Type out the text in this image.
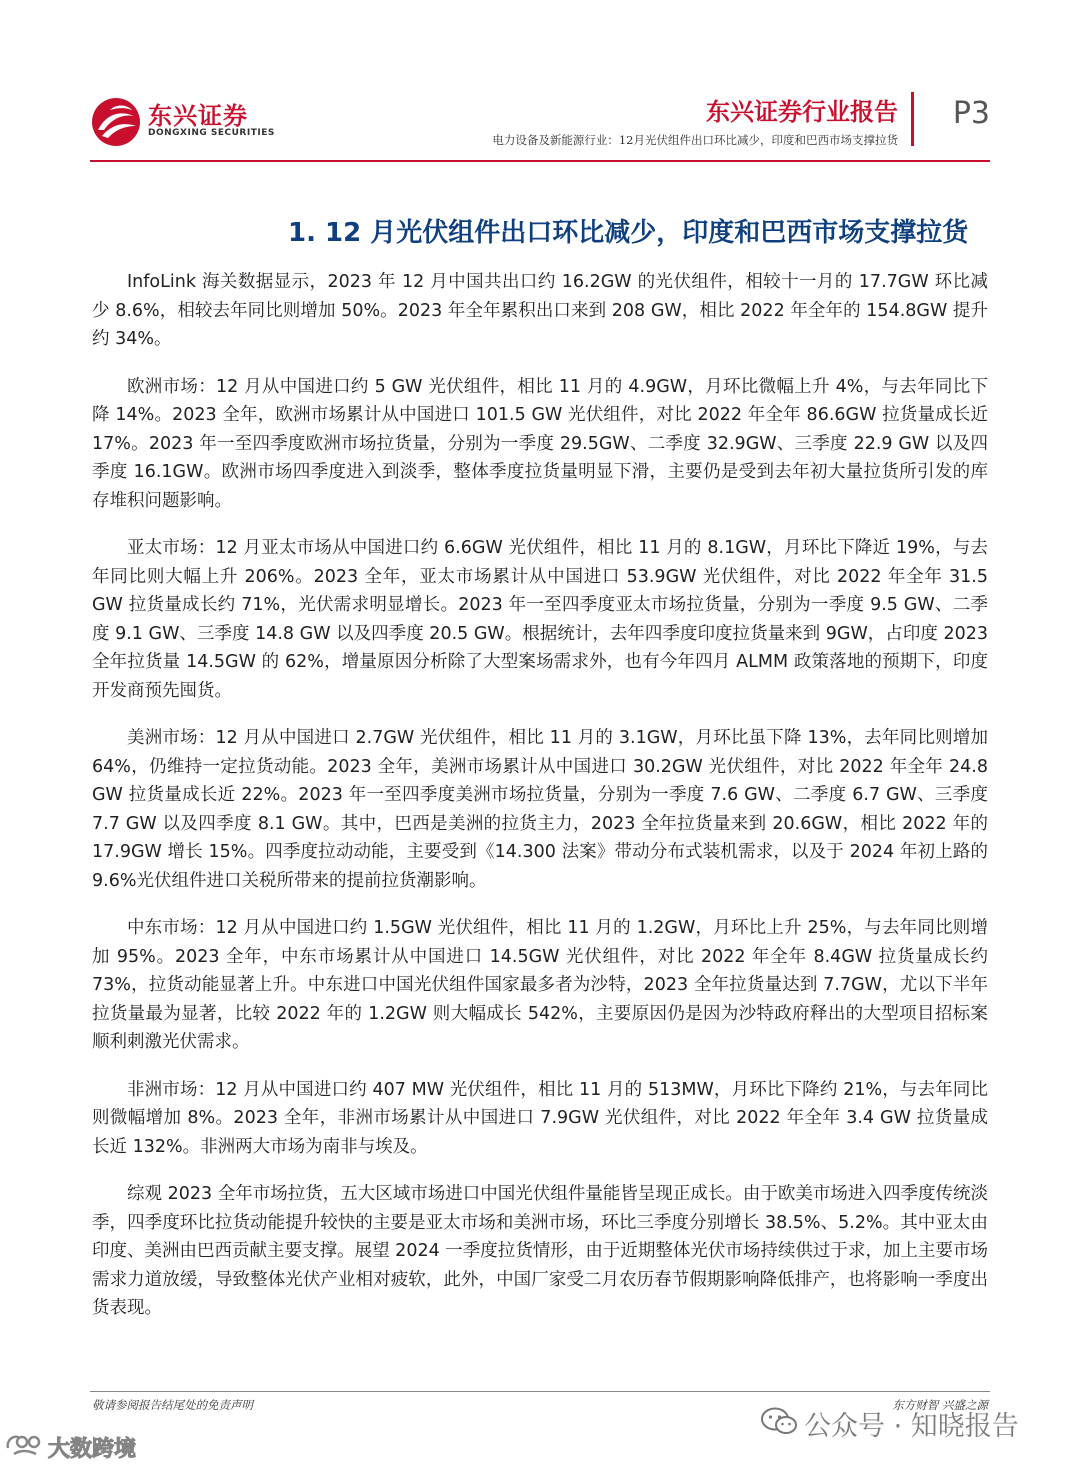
东兴证券
DONGXING SECURITIES
东兴证券行业报告
电力设备及新能源行业：12月光伏组件出口环比减少，印度和巴西市场支撑拉货
P3
1. 12 月光伏组件出口环比减少，印度和巴西市场支撑拉货

InfoLink 海关数据显示，2023 年 12 月中国共出口约 16.2GW 的光伏组件，相较十一月的 17.7GW 环比减少 8.6%，相较去年同比则增加 50%。2023 年全年累积出口来到 208 GW，相比 2022 年全年的 154.8GW 提升约 34%。

欧洲市场：12 月从中国进口约 5 GW 光伏组件，相比 11 月的 4.9GW，月环比微幅上升 4%，与去年同比下降 14%。2023 全年，欧洲市场累计从中国进口 101.5 GW 光伏组件，对比 2022 年全年 86.6GW 拉货量成长近 17%。2023 年一至四季度欧洲市场拉货量，分别为一季度 29.5GW、二季度 32.9GW、三季度 22.9 GW 以及四季度 16.1GW。欧洲市场四季度进入到淡季，整体季度拉货量明显下滑，主要仍是受到去年初大量拉货所引发的库存堆积问题影响。

亚太市场：12 月亚太市场从中国进口约 6.6GW 光伏组件，相比 11 月的 8.1GW，月环比下降近 19%，与去年同比则大幅上升 206%。2023 全年，亚太市场累计从中国进口 53.9GW 光伏组件，对比 2022 年全年 31.5 GW 拉货量成长约 71%，光伏需求明显增长。2023 年一至四季度亚太市场拉货量，分别为一季度 9.5 GW、二季度 9.1 GW、三季度 14.8 GW 以及四季度 20.5 GW。根据统计，去年四季度印度拉货量来到 9GW，占印度 2023 全年拉货量 14.5GW 的 62%，增量原因分析除了大型案场需求外，也有今年四月 ALMM 政策落地的预期下，印度开发商预先囤货。

美洲市场：12 月从中国进口 2.7GW 光伏组件，相比 11 月的 3.1GW，月环比虽下降 13%，去年同比则增加 64%，仍维持一定拉货动能。2023 全年，美洲市场累计从中国进口 30.2GW 光伏组件，对比 2022 年全年 24.8 GW 拉货量成长近 22%。2023 年一至四季度美洲市场拉货量，分别为一季度 7.6 GW、二季度 6.7 GW、三季度 7.7 GW 以及四季度 8.1 GW。其中，巴西是美洲的拉货主力，2023 全年拉货量来到 20.6GW，相比 2022 年的 17.9GW 增长 15%。四季度拉动动能，主要受到《14.300 法案》带动分布式装机需求，以及于 2024 年初上路的 9.6%光伏组件进口关税所带来的提前拉货潮影响。

中东市场：12 月从中国进口约 1.5GW 光伏组件，相比 11 月的 1.2GW，月环比上升 25%，与去年同比则增加 95%。2023 全年，中东市场累计从中国进口 14.5GW 光伏组件，对比 2022 年全年 8.4GW 拉货量成长约 73%，拉货动能显著上升。中东进口中国光伏组件国家最多者为沙特，2023 全年拉货量达到 7.7GW，尤以下半年拉货量最为显著，比较 2022 年的 1.2GW 则大幅成长 542%，主要原因仍是因为沙特政府释出的大型项目招标案顺利刺激光伏需求。

非洲市场：12 月从中国进口约 407 MW 光伏组件，相比 11 月的 513MW，月环比下降约 21%，与去年同比则微幅增加 8%。2023 全年，非洲市场累计从中国进口 7.9GW 光伏组件，对比 2022 年全年 3.4 GW 拉货量成长近 132%。非洲两大市场为南非与埃及。

综观 2023 全年市场拉货，五大区域市场进口中国光伏组件量能皆呈现正成长。由于欧美市场进入四季度传统淡季，四季度环比拉货动能提升较快的主要是亚太市场和美洲市场，环比三季度分别增长 38.5%、5.2%。其中亚太由印度、美洲由巴西贡献主要支撑。展望 2024 一季度拉货情形，由于近期整体光伏市场持续供过于求，加上主要市场需求力道放缓，导致整体光伏产业相对疲软，此外，中国厂家受二月农历春节假期影响降低排产，也将影响一季度出货表现。

敬请参阅报告结尾处的免责声明	东方财智 兴盛之源
公众号 · 知晓报告
大数跨境
